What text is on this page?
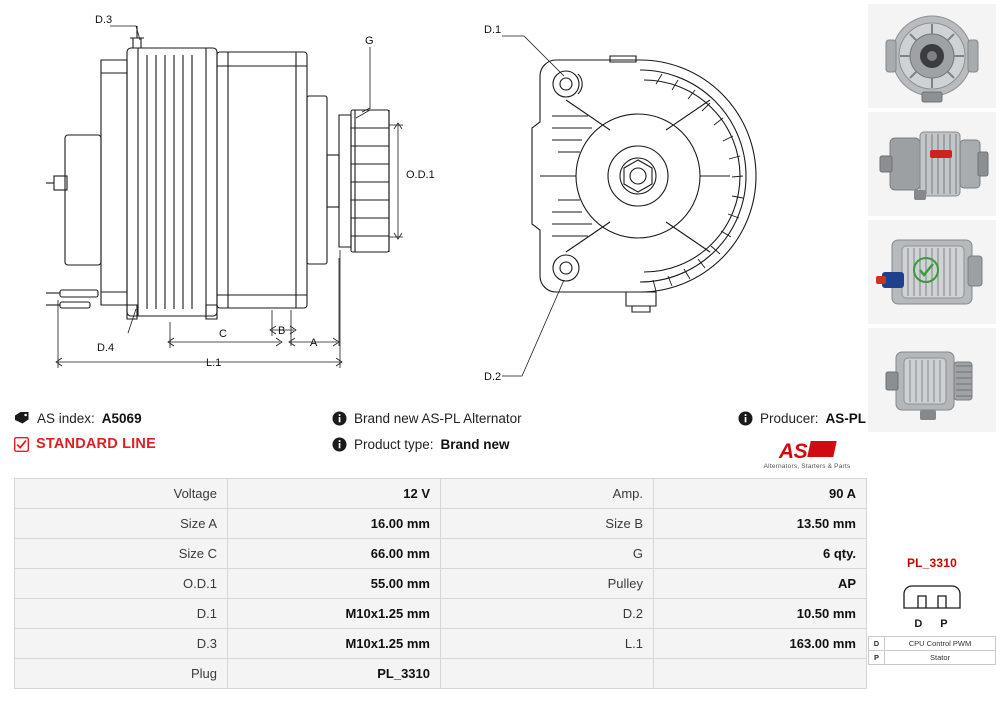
D.3
G
O.D.1
A
B
C
L.1
D.4
D.1
D.2
PL_3310
DP
D	CPU Control PWM
P	Stator
AS index: A5069
STANDARD LINE
Brand new AS-PL Alternator
Product type: Brand new
Producer: AS-PL
AS
Alternators, Starters & Parts
Voltage	12 V	Amp.	90 A
Size A	16.00 mm	Size B	13.50 mm
Size C	66.00 mm	G	6 qty.
O.D.1	55.00 mm	Pulley	AP
D.1	M10x1.25 mm	D.2	10.50 mm
D.3	M10x1.25 mm	L.1	163.00 mm
Plug	PL_3310		
